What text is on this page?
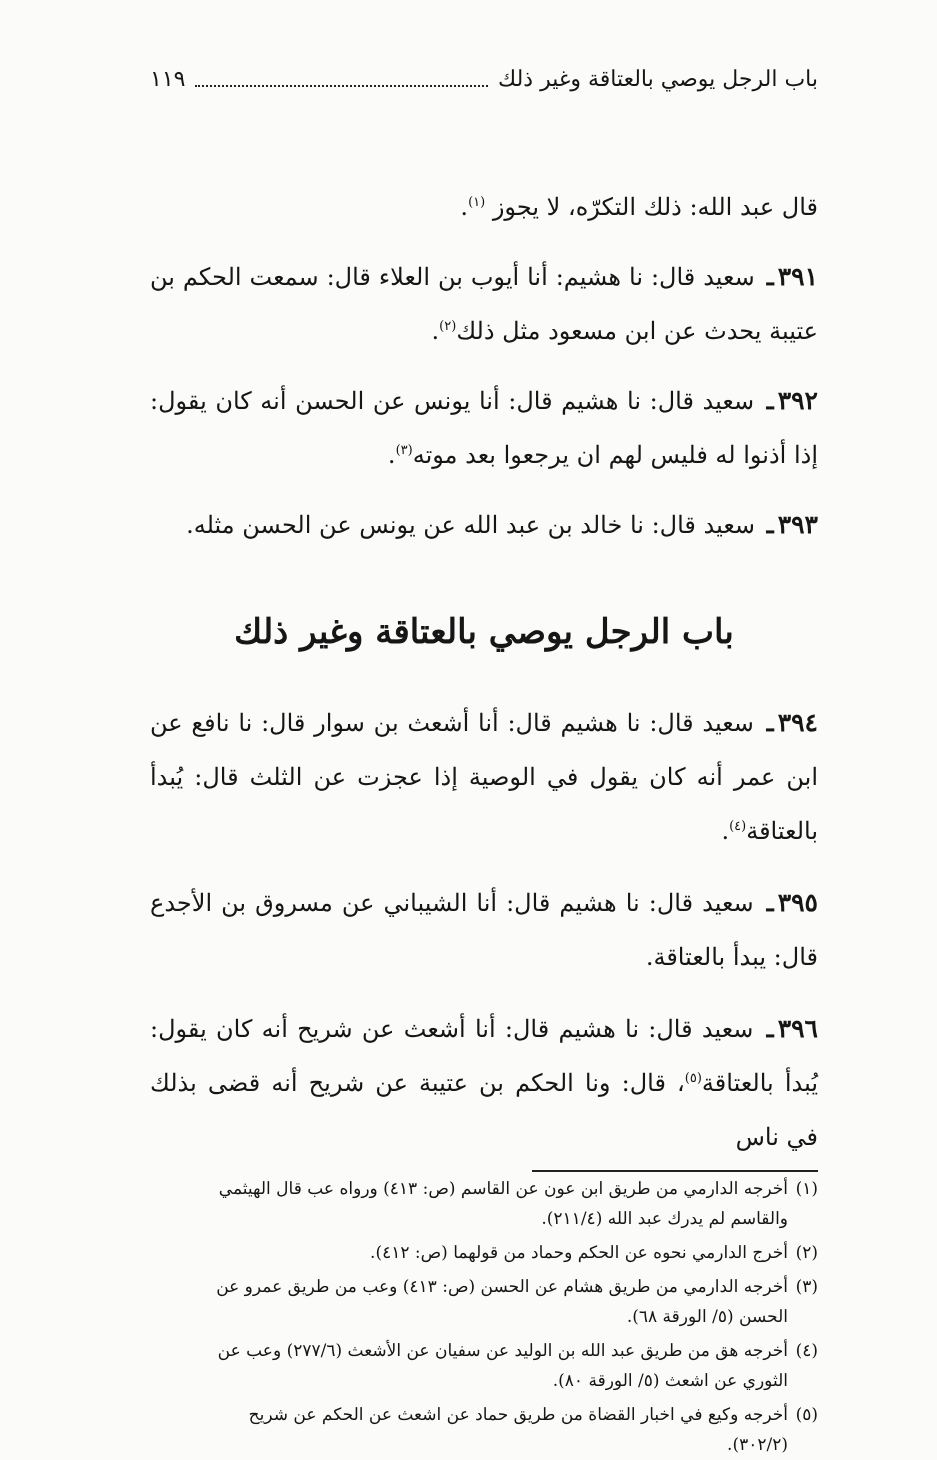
باب الرجل يوصي بالعتاقة وغير ذلك
١١٩
قال عبد الله: ذلك التكرّه، لا يجوز $^{(١)}$.
٣٩١ـ سعيد قال: نا هشيم: أنا أيوب بن العلاء قال: سمعت الحكم بن عتيبة يحدث عن ابن مسعود مثل ذلك$^{(٢)}$.
٣٩٢ـ سعيد قال: نا هشيم قال: أنا يونس عن الحسن أنه كان يقول: إذا أذنوا له فليس لهم ان يرجعوا بعد موته$^{(٣)}$.
٣٩٣ـ سعيد قال: نا خالد بن عبد الله عن يونس عن الحسن مثله.
باب الرجل يوصي بالعتاقة وغير ذلك
٣٩٤ـ سعيد قال: نا هشيم قال: أنا أشعث بن سوار قال: نا نافع عن ابن عمر أنه كان يقول في الوصية إذا عجزت عن الثلث قال: يُبدأ بالعتاقة$^{(٤)}$.
٣٩٥ـ سعيد قال: نا هشيم قال: أنا الشيباني عن مسروق بن الأجدع قال: يبدأ بالعتاقة.
٣٩٦ـ سعيد قال: نا هشيم قال: أنا أشعث عن شريح أنه كان يقول: يُبدأ بالعتاقة$^{(٥)}$، قال: ونا الحكم بن عتيبة عن شريح أنه قضى بذلك في ناس
(١)أخرجه الدارمي من طريق ابن عون عن القاسم (ص: ٤١٣) ورواه عب قال الهيثمي
والقاسم لم يدرك عبد الله (٢١١/٤).
(٢)أخرج الدارمي نحوه عن الحكم وحماد من قولهما (ص: ٤١٢).
(٣)أخرجه الدارمي من طريق هشام عن الحسن (ص: ٤١٣) وعب من طريق عمرو عن
الحسن (٥/ الورقة ٦٨).
(٤)أخرجه هق من طريق عبد الله بن الوليد عن سفيان عن الأشعث (٢٧٧/٦) وعب عن
الثوري عن اشعث (٥/ الورقة ٨٠).
(٥)أخرجه وكيع في اخبار القضاة من طريق حماد عن اشعث عن الحكم عن شريح
(٣٠٢/٢).
